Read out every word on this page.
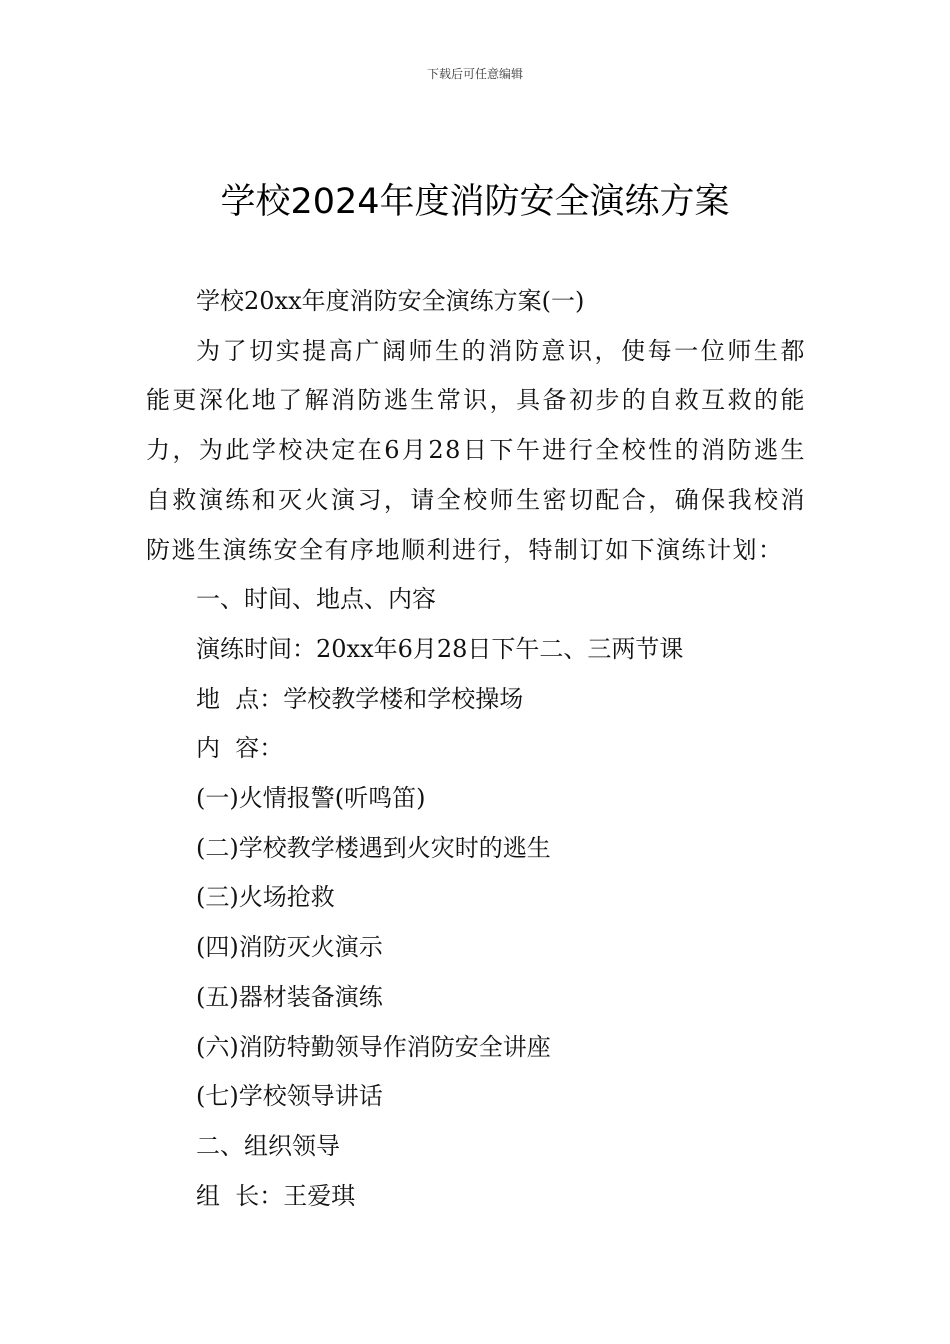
下载后可任意编辑
学校2024年度消防安全演练方案

学校20xx年度消防安全演练方案(一)

为了切实提高广阔师生的消防意识，使每一位师生都能更深化地了解消防逃生常识，具备初步的自救互救的能力，为此学校决定在6月28日下午进行全校性的消防逃生自救演练和灭火演习，请全校师生密切配合，确保我校消防逃生演练安全有序地顺利进行，特制订如下演练计划：

一、时间、地点、内容

演练时间：20xx年6月28日下午二、三两节课

地  点：学校教学楼和学校操场

内  容：

(一)火情报警(听鸣笛)

(二)学校教学楼遇到火灾时的逃生

(三)火场抢救

(四)消防灭火演示

(五)器材装备演练

(六)消防特勤领导作消防安全讲座

(七)学校领导讲话

二、组织领导

组  长：王爱琪
